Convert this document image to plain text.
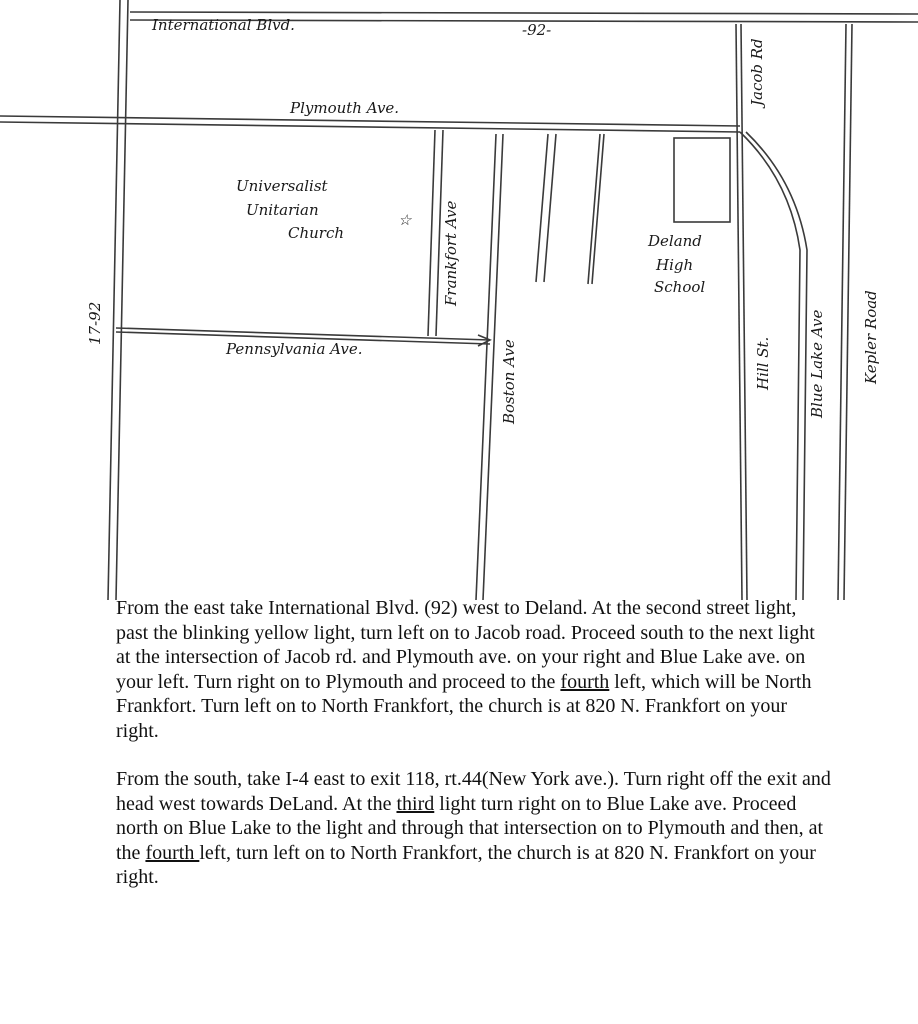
International Blvd.	-92-
Plymouth Ave.
Jacob Rd
Universalist
Unitarian
Church
☆ Frankfort Ave
Boston Ave
Deland
High
School
Hill St. Blue Lake Ave Kepler Road
17-92
Pennsylvania Ave.

From the east take International Blvd. (92) west to Deland. At the second street light, past the blinking yellow light, turn left on to Jacob road. Proceed south to the next light at the intersection of Jacob rd. and Plymouth ave. on your right and Blue Lake ave. on your left. Turn right on to Plymouth and proceed to the fourth left, which will be North Frankfort. Turn left on to North Frankfort, the church is at 820 N. Frankfort on your right.

From the south, take I-4 east to exit 118, rt.44(New York ave.). Turn right off the exit and head west towards DeLand. At the third light turn right on to Blue Lake ave. Proceed north on Blue Lake to the light and through that intersection on to Plymouth and then, at the fourth left, turn left on to North Frankfort, the church is at 820 N. Frankfort on your right.
